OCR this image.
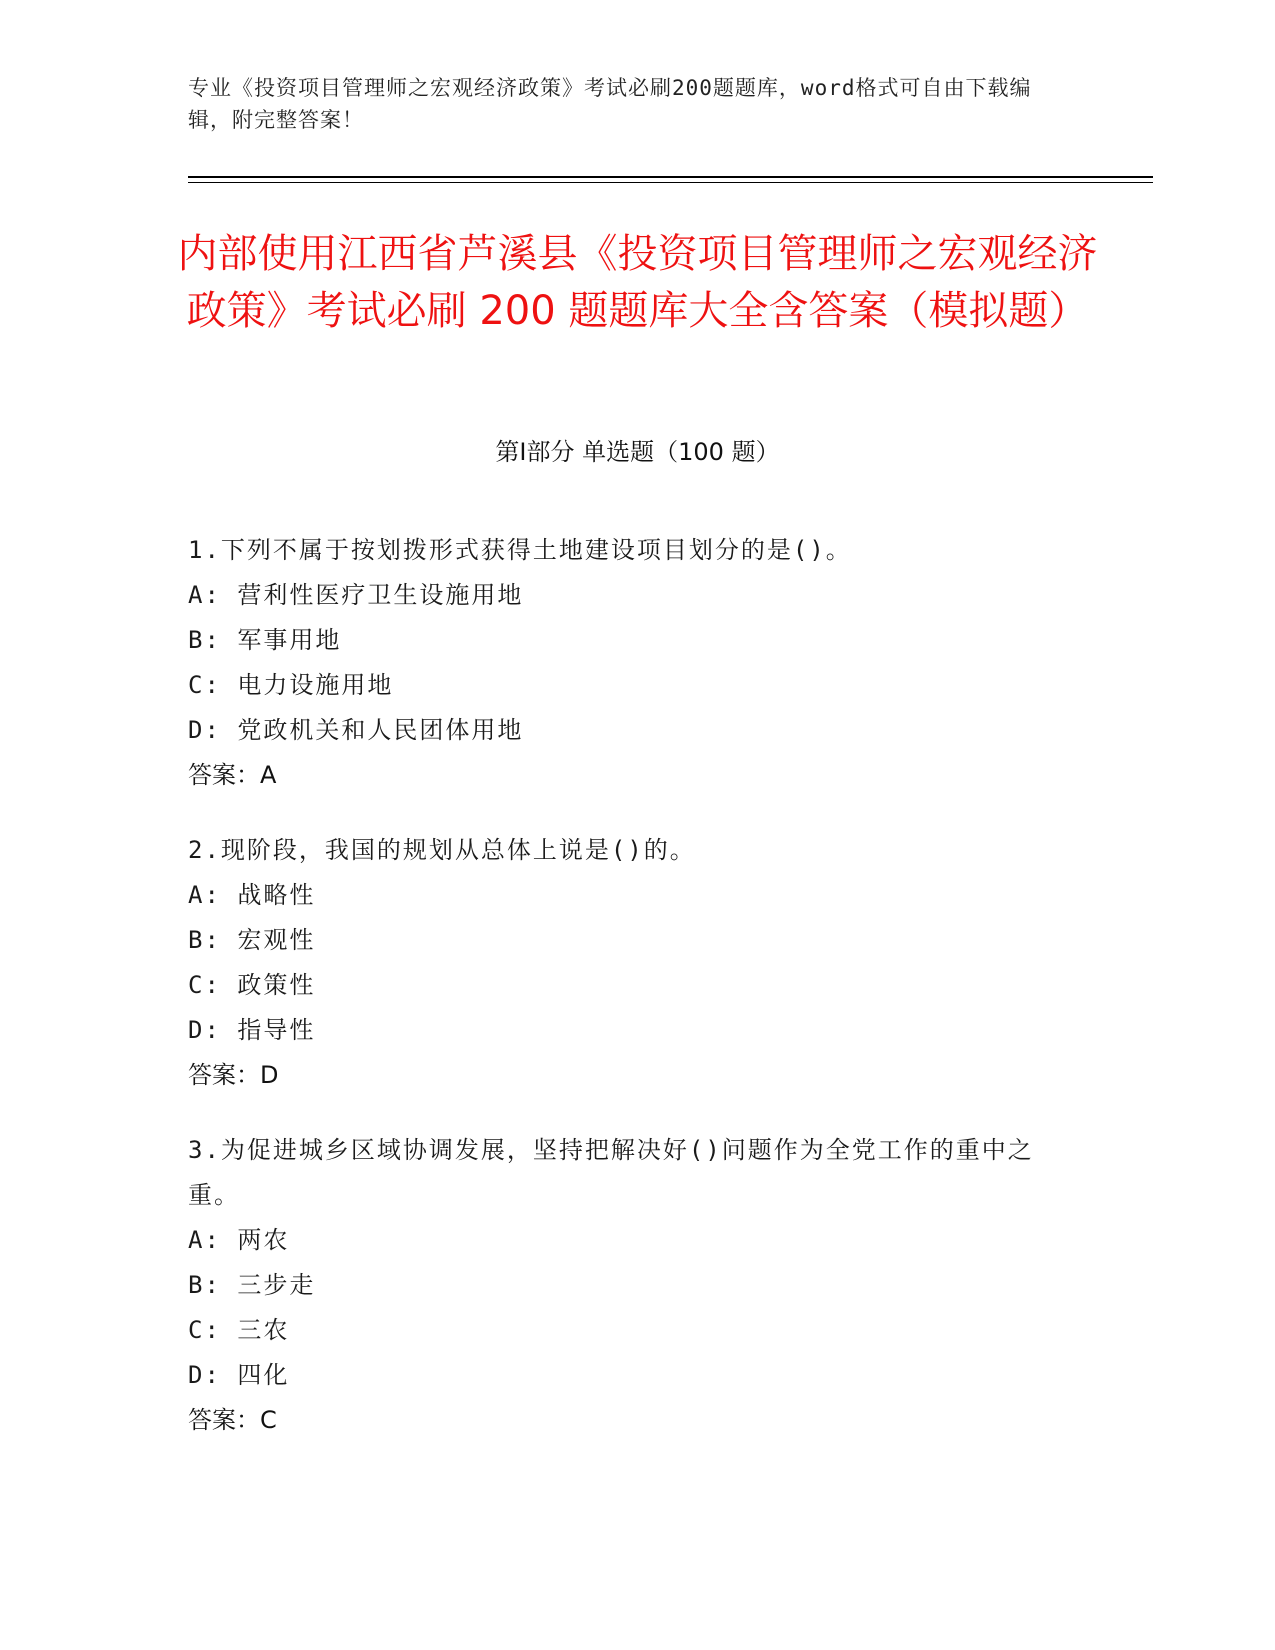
专业《投资项目管理师之宏观经济政策》考试必刷200题题库，word格式可自由下载编辑，附完整答案！
内部使用江西省芦溪县《投资项目管理师之宏观经济政策》考试必刷 200 题题库大全含答案（模拟题）
第Ⅰ部分 单选题（100 题）

1.下列不属于按划拨形式获得土地建设项目划分的是()。

A: 营利性医疗卫生设施用地

B: 军事用地

C: 电力设施用地

D: 党政机关和人民团体用地

答案：A

2.现阶段，我国的规划从总体上说是()的。

A: 战略性

B: 宏观性

C: 政策性

D: 指导性

答案：D

3.为促进城乡区域协调发展，坚持把解决好()问题作为全党工作的重中之重。

A: 两农

B: 三步走

C: 三农

D: 四化

答案：C
